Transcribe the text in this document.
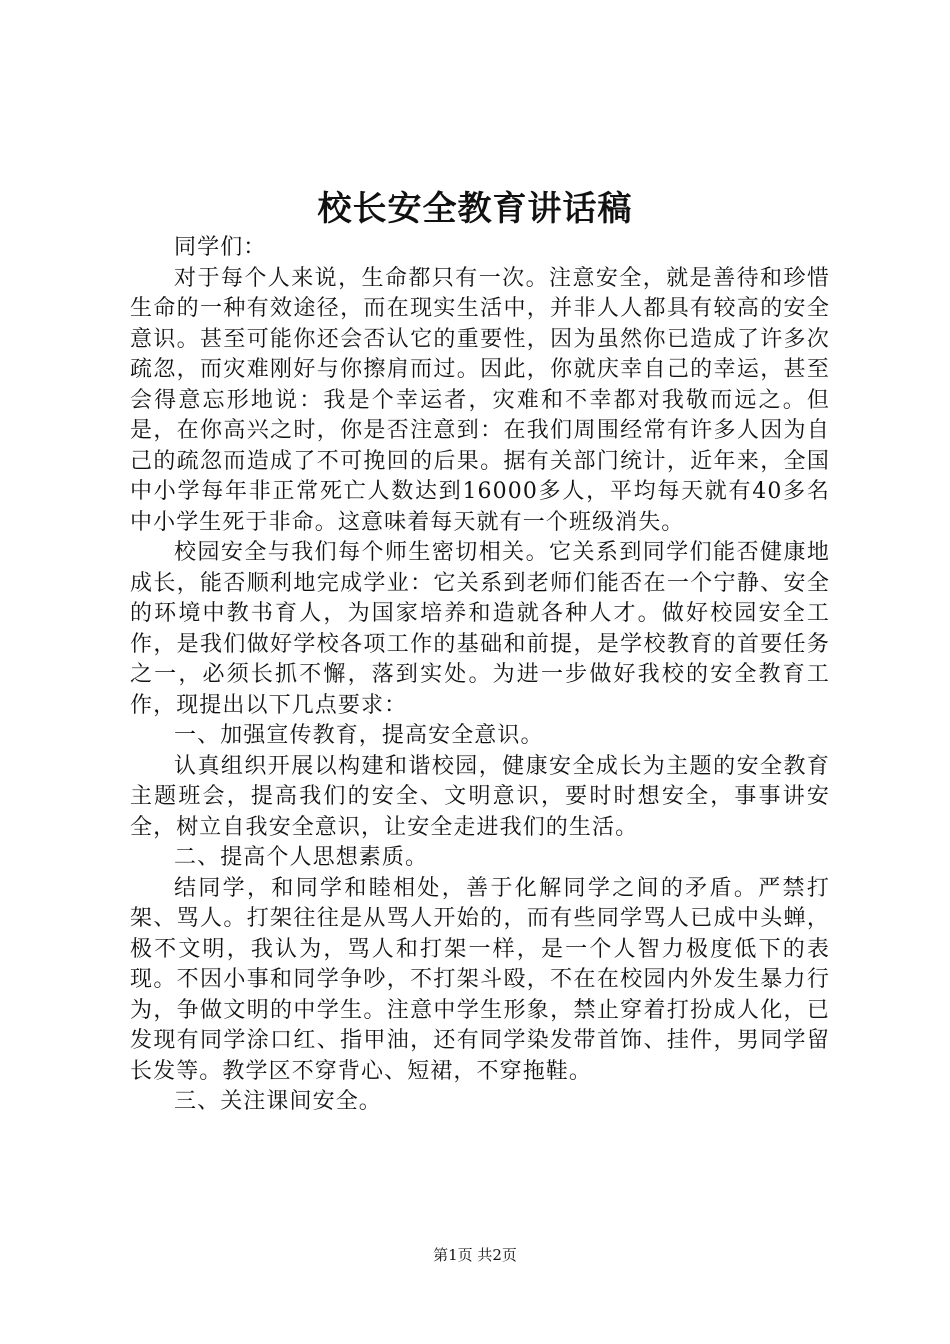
校长安全教育讲话稿

同学们：

对于每个人来说，生命都只有一次。注意安全，就是善待和珍惜生命的一种有效途径，而在现实生活中，并非人人都具有较高的安全意识。甚至可能你还会否认它的重要性，因为虽然你已造成了许多次疏忽，而灾难刚好与你擦肩而过。因此，你就庆幸自己的幸运，甚至会得意忘形地说：我是个幸运者，灾难和不幸都对我敬而远之。但是，在你高兴之时，你是否注意到：在我们周围经常有许多人因为自己的疏忽而造成了不可挽回的后果。据有关部门统计，近年来，全国中小学每年非正常死亡人数达到16000多人，平均每天就有40多名中小学生死于非命。这意味着每天就有一个班级消失。

校园安全与我们每个师生密切相关。它关系到同学们能否健康地成长，能否顺利地完成学业：它关系到老师们能否在一个宁静、安全的环境中教书育人，为国家培养和造就各种人才。做好校园安全工作，是我们做好学校各项工作的基础和前提，是学校教育的首要任务之一，必须长抓不懈，落到实处。为进一步做好我校的安全教育工作，现提出以下几点要求：

一、加强宣传教育，提高安全意识。

认真组织开展以构建和谐校园，健康安全成长为主题的安全教育主题班会，提高我们的安全、文明意识，要时时想安全，事事讲安全，树立自我安全意识，让安全走进我们的生活。

二、提高个人思想素质。

结同学，和同学和睦相处，善于化解同学之间的矛盾。严禁打架、骂人。打架往往是从骂人开始的，而有些同学骂人已成中头蝉，极不文明，我认为，骂人和打架一样，是一个人智力极度低下的表现。不因小事和同学争吵，不打架斗殴，不在在校园内外发生暴力行为，争做文明的中学生。注意中学生形象，禁止穿着打扮成人化，已发现有同学涂口红、指甲油，还有同学染发带首饰、挂件，男同学留长发等。教学区不穿背心、短裙，不穿拖鞋。

三、关注课间安全。

第1页 共2页
